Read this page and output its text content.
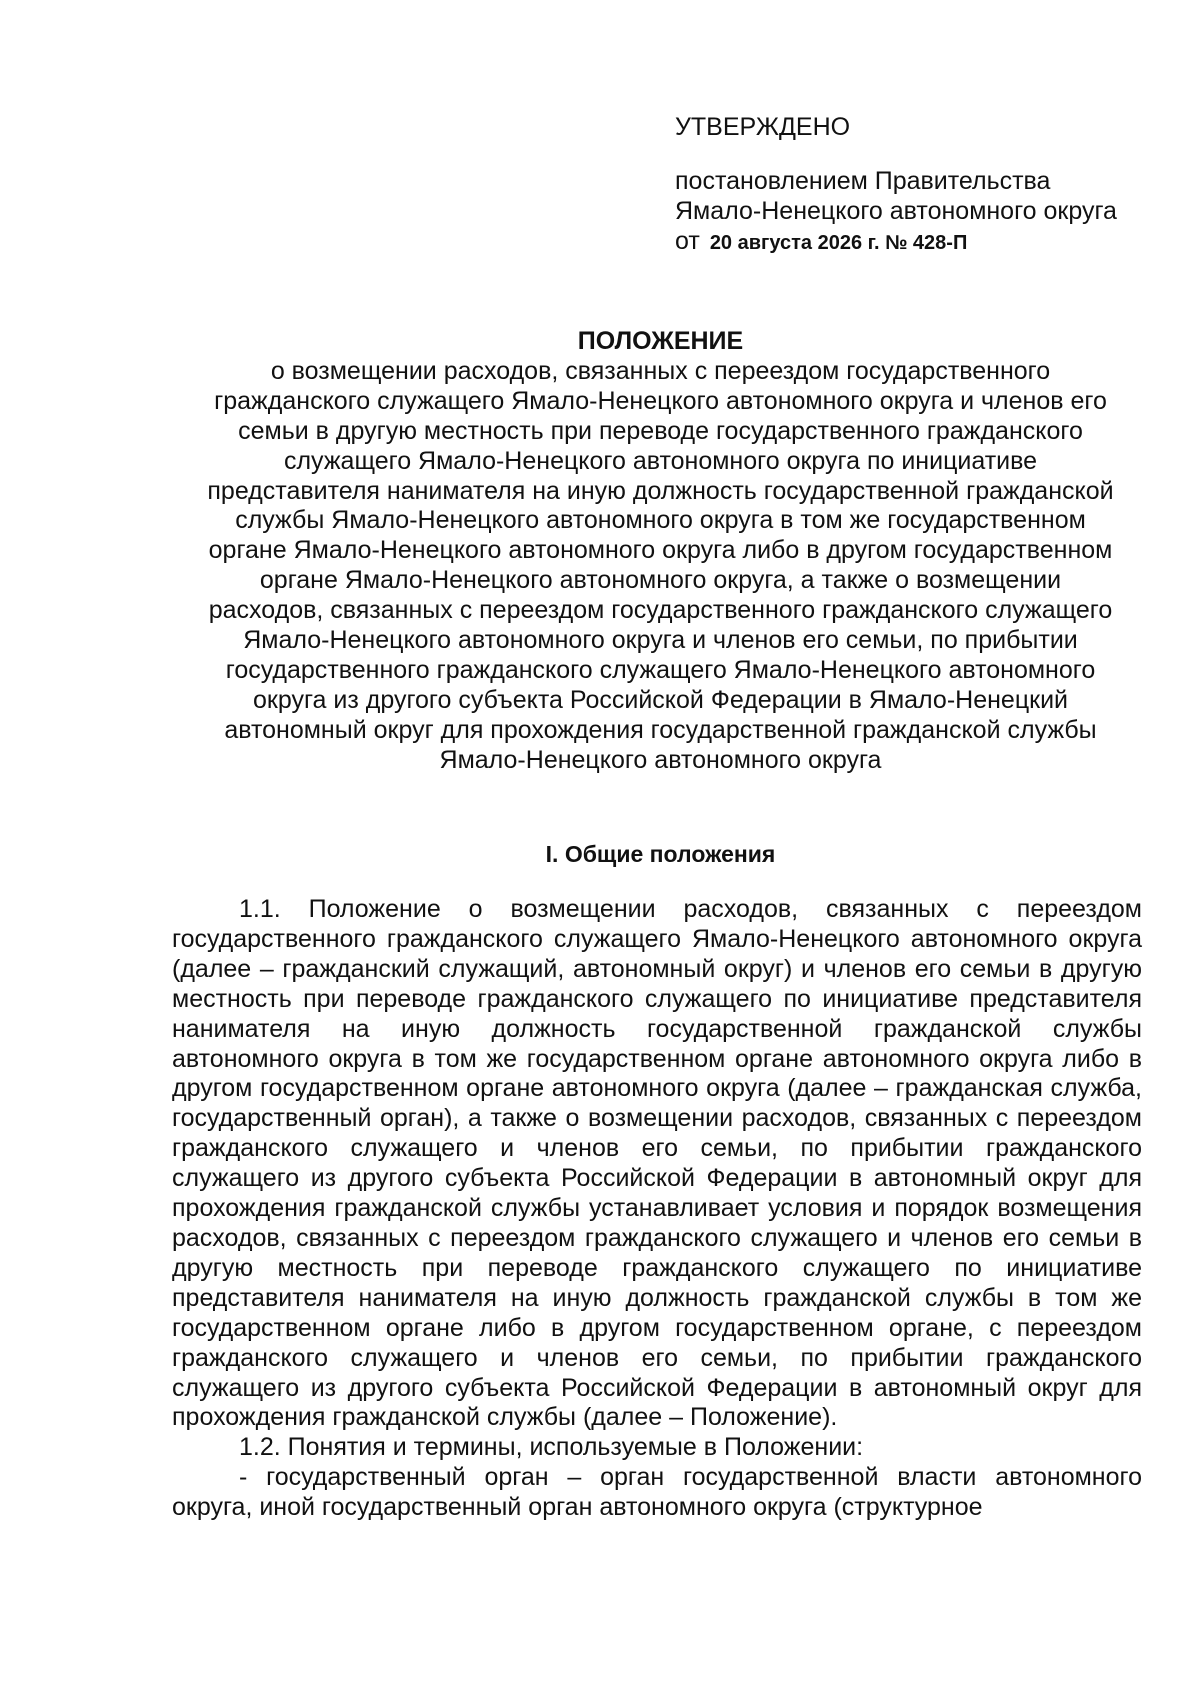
УТВЕРЖДЕНО

постановлением Правительства

Ямало-Ненецкого автономного округа

от 20 августа 2026 г. № 428-П

ПОЛОЖЕНИЕ

о возмещении расходов, связанных с переездом государственного

гражданского служащего Ямало-Ненецкого автономного округа и членов его

семьи в другую местность при переводе государственного гражданского

служащего Ямало-Ненецкого автономного округа по инициативе

представителя нанимателя на иную должность государственной гражданской

службы Ямало-Ненецкого автономного округа в том же государственном

органе Ямало-Ненецкого автономного округа либо в другом государственном

органе Ямало-Ненецкого автономного округа, а также о возмещении

расходов, связанных с переездом государственного гражданского служащего

Ямало-Ненецкого автономного округа и членов его семьи, по прибытии

государственного гражданского служащего Ямало-Ненецкого автономного

округа из другого субъекта Российской Федерации в Ямало-Ненецкий

автономный округ для прохождения государственной гражданской службы

Ямало-Ненецкого автономного округа

I. Общие положения

1.1. Положение о возмещении расходов, связанных с переездом государственного гражданского служащего Ямало-Ненецкого автономного округа (далее – гражданский служащий, автономный округ) и членов его семьи в другую местность при переводе гражданского служащего по инициативе представителя нанимателя на иную должность государственной гражданской службы автономного округа в том же государственном органе автономного округа либо в другом государственном органе автономного округа (далее – гражданская служба, государственный орган), а также о возмещении расходов, связанных с переездом гражданского служащего и членов его семьи, по прибытии гражданского служащего из другого субъекта Российской Федерации в автономный округ для прохождения гражданской службы устанавливает условия и порядок возмещения расходов, связанных с переездом гражданского служащего и членов его семьи в другую местность при переводе гражданского служащего по инициативе представителя нанимателя на иную должность гражданской службы в том же государственном органе либо в другом государственном органе, с переездом гражданского служащего и членов его семьи, по прибытии гражданского служащего из другого субъекта Российской Федерации в автономный округ для прохождения гражданской службы (далее – Положение).

1.2. Понятия и термины, используемые в Положении:

- государственный орган – орган государственной власти автономного округа, иной государственный орган автономного округа (структурное
